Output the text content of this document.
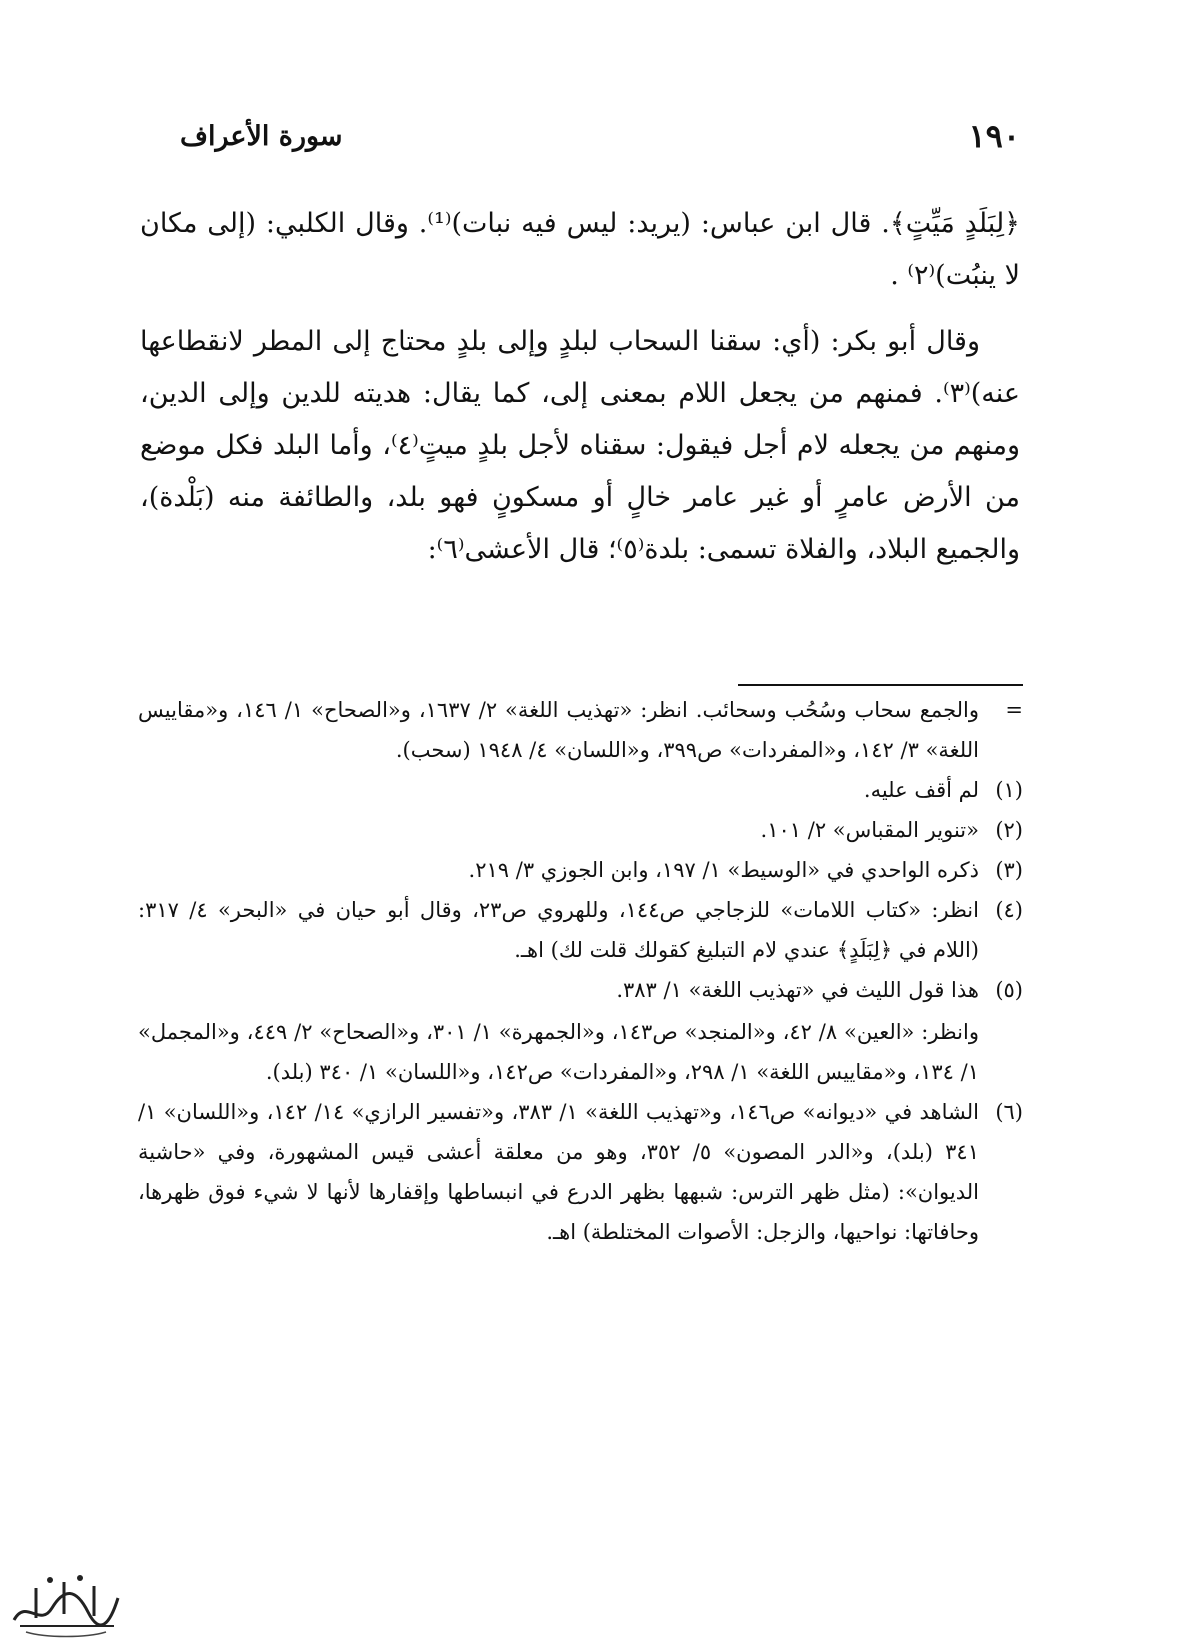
١٩٠
سورة الأعراف

﴿لِبَلَدٍ مَيِّتٍ﴾. قال ابن عباس: (يريد: ليس فيه نبات)⁽¹⁾. وقال الكلبي: (إلى مكان لا ينبُت)⁽٢⁾ .

وقال أبو بكر: (أي: سقنا السحاب لبلدٍ وإلى بلدٍ محتاج إلى المطر لانقطاعها عنه)⁽٣⁾. فمنهم من يجعل اللام بمعنى إلى، كما يقال: هديته للدين وإلى الدين، ومنهم من يجعله لام أجل فيقول: سقناه لأجل بلدٍ ميتٍ⁽٤⁾، وأما البلد فكل موضع من الأرض عامرٍ أو غير عامر خالٍ أو مسكونٍ فهو بلد، والطائفة منه (بَلْدة)، والجميع البلاد، والفلاة تسمى: بلدة⁽٥⁾؛ قال الأعشى⁽٦⁾:

=

والجمع سحاب وسُحُب وسحائب. انظر: «تهذيب اللغة» ٢/ ١٦٣٧، و«الصحاح» ١/ ١٤٦، و«مقاييس اللغة» ٣/ ١٤٢، و«المفردات» ص٣٩٩، و«اللسان» ٤/ ١٩٤٨ (سحب).

(١)

لم أقف عليه.

(٢)

«تنوير المقباس» ٢/ ١٠١.

(٣)

ذكره الواحدي في «الوسيط» ١/ ١٩٧، وابن الجوزي ٣/ ٢١٩.

(٤)

انظر: «كتاب اللامات» للزجاجي ص١٤٤، وللهروي ص٢٣، وقال أبو حيان في «البحر» ٤/ ٣١٧: (اللام في ﴿لِبَلَدٍ﴾ عندي لام التبليغ كقولك قلت لك) اهـ.

(٥)

هذا قول الليث في «تهذيب اللغة» ١/ ٣٨٣.

وانظر: «العين» ٨/ ٤٢، و«المنجد» ص١٤٣، و«الجمهرة» ١/ ٣٠١، و«الصحاح» ٢/ ٤٤٩، و«المجمل» ١/ ١٣٤، و«مقاييس اللغة» ١/ ٢٩٨، و«المفردات» ص١٤٢، و«اللسان» ١/ ٣٤٠ (بلد).

(٦)

الشاهد في «ديوانه» ص١٤٦، و«تهذيب اللغة» ١/ ٣٨٣، و«تفسير الرازي» ١٤/ ١٤٢، و«اللسان» ١/ ٣٤١ (بلد)، و«الدر المصون» ٥/ ٣٥٢، وهو من معلقة أعشى قيس المشهورة، وفي «حاشية الديوان»: (مثل ظهر الترس: شبهها بظهر الدرع في انبساطها وإقفارها لأنها لا شيء فوق ظهرها، وحافاتها: نواحيها، والزجل: الأصوات المختلطة) اهـ.
